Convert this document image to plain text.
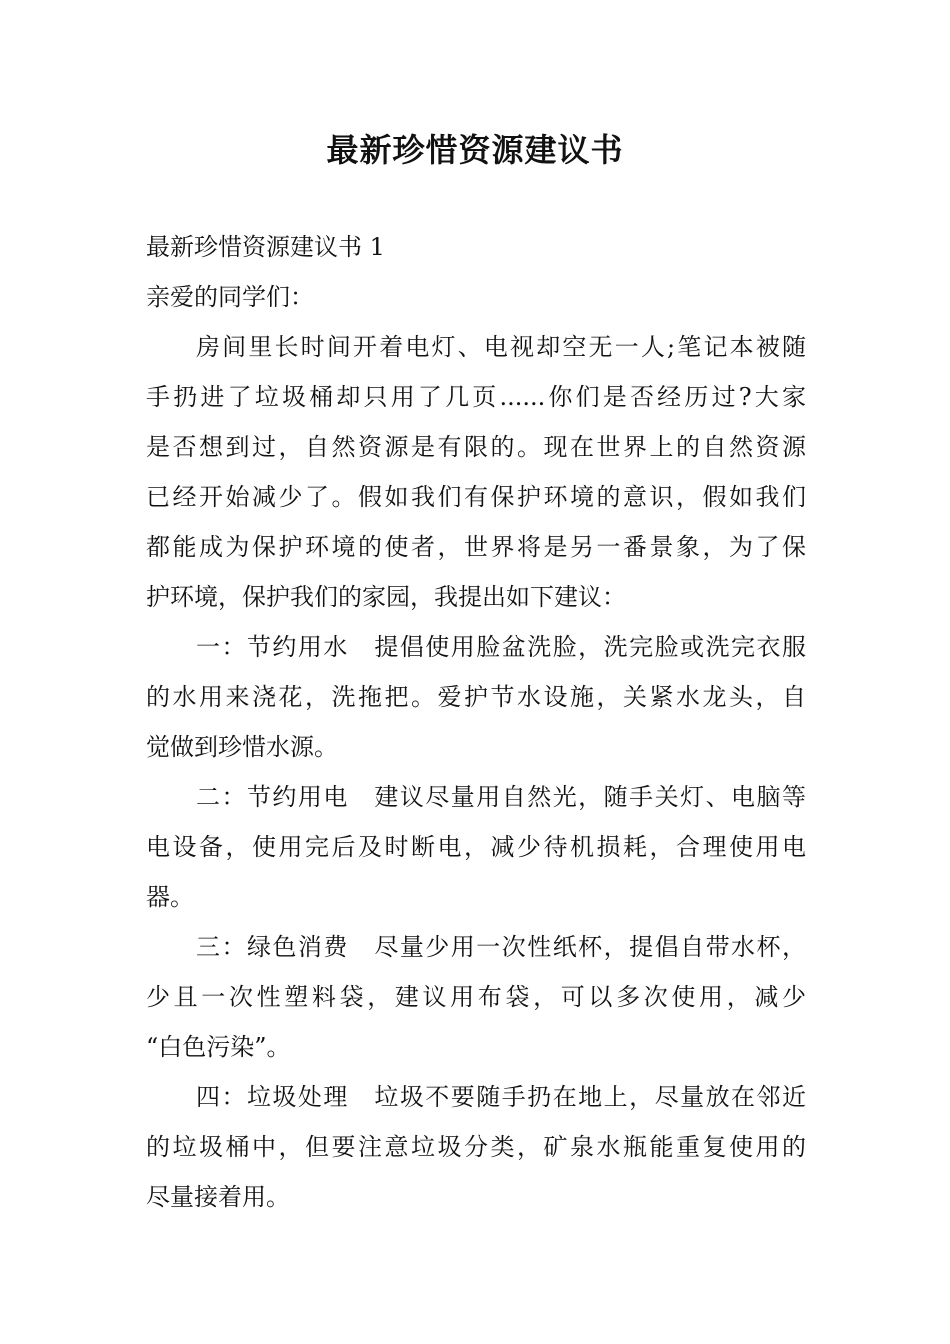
最新珍惜资源建议书
最新珍惜资源建议书 1
亲爱的同学们：
房间里长时间开着电灯、电视却空无一人;笔记本被随
手扔进了垃圾桶却只用了几页......你们是否经历过?大家
是否想到过，自然资源是有限的。现在世界上的自然资源
已经开始减少了。假如我们有保护环境的意识，假如我们
都能成为保护环境的使者，世界将是另一番景象，为了保
护环境，保护我们的家园，我提出如下建议：
一：节约用水　提倡使用脸盆洗脸，洗完脸或洗完衣服
的水用来浇花，洗拖把。爱护节水设施，关紧水龙头，自
觉做到珍惜水源。
二：节约用电　建议尽量用自然光，随手关灯、电脑等
电设备，使用完后及时断电，减少待机损耗，合理使用电
器。
三：绿色消费　尽量少用一次性纸杯，提倡自带水杯，
少且一次性塑料袋，建议用布袋，可以多次使用，减少
“白色污染”。
四：垃圾处理　垃圾不要随手扔在地上，尽量放在邻近
的垃圾桶中，但要注意垃圾分类，矿泉水瓶能重复使用的
尽量接着用。
